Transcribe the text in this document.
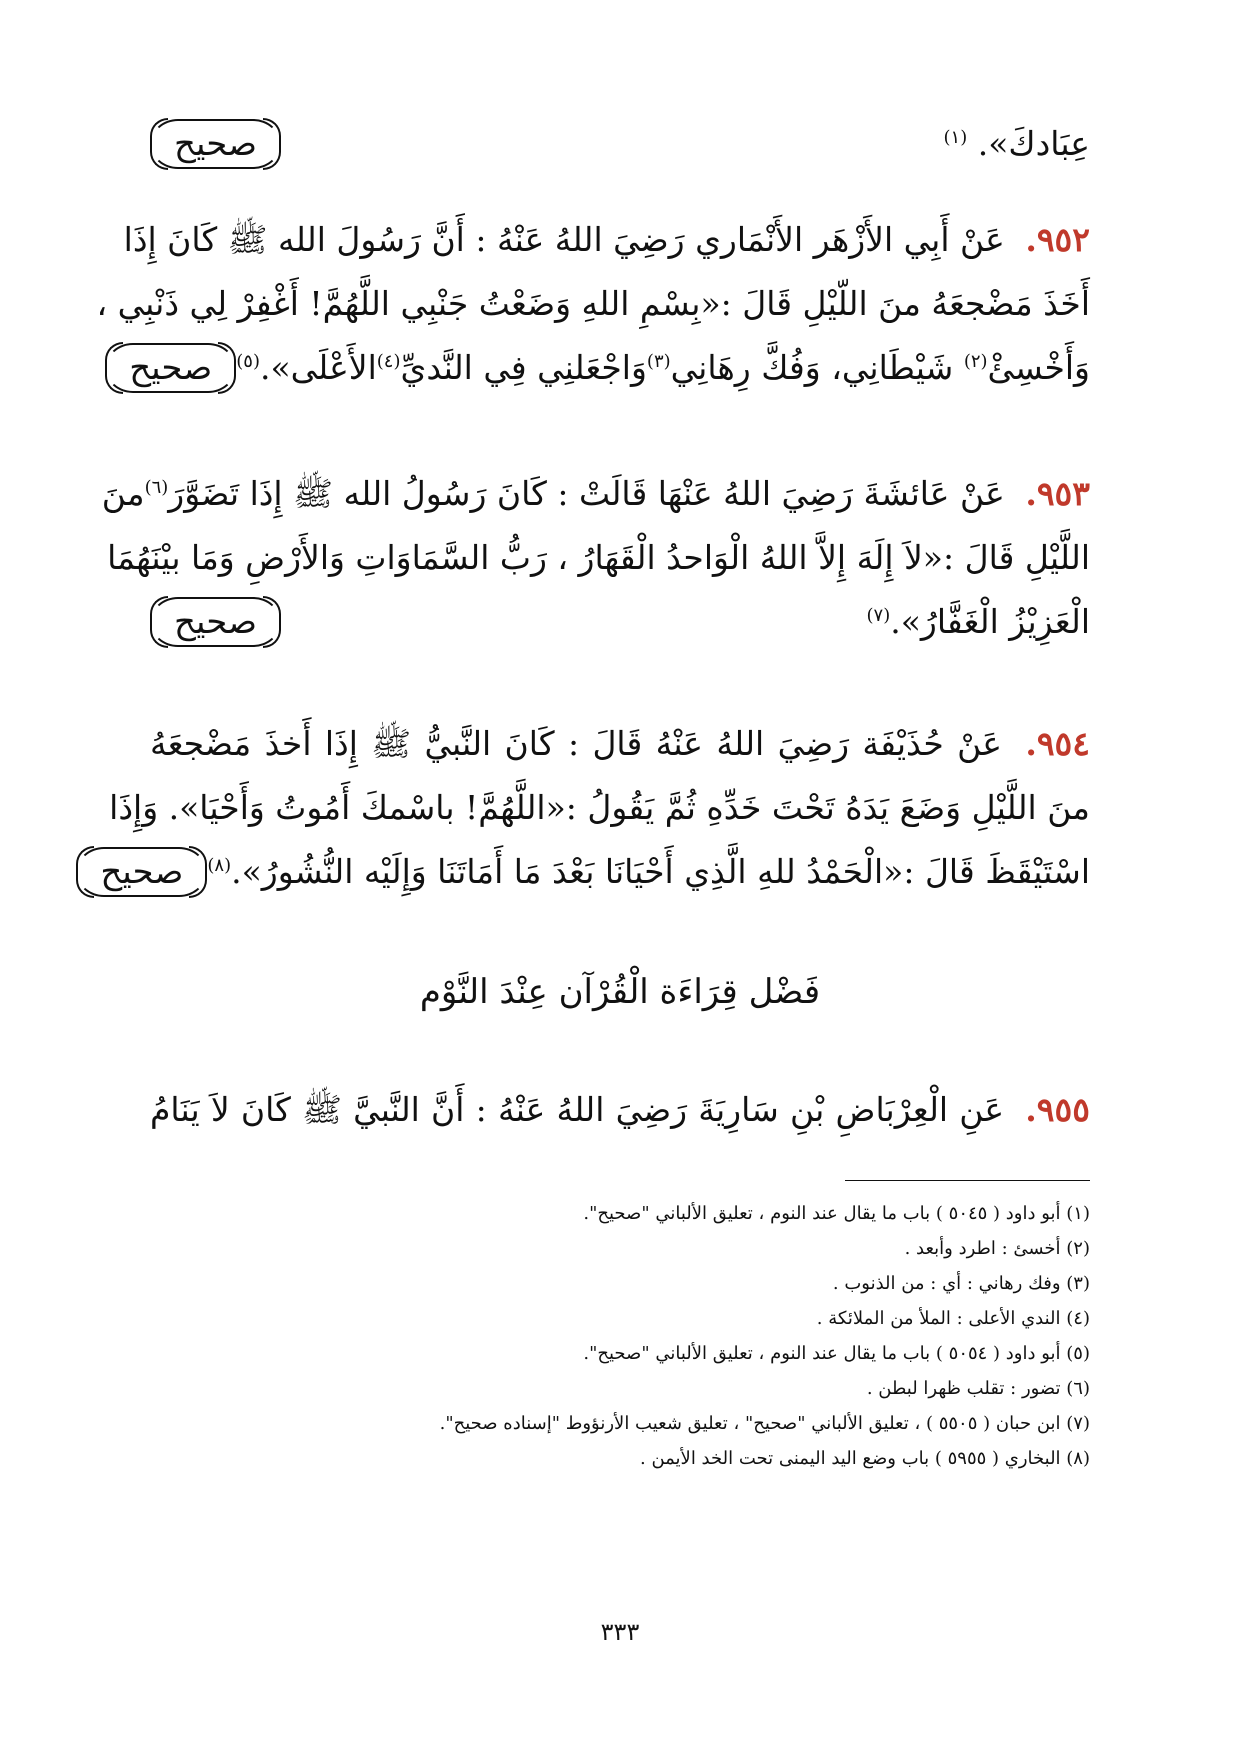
عِبَادكَ». $^{(١)}$
صحيح
٩٥٢. عَنْ أَبِي الأَزْهَر الأَنْمَاري رَضِيَ اللهُ عَنْهُ : أَنَّ رَسُولَ الله ﷺ كَانَ إِذَا
أَخَذَ مَضْجعَهُ منَ اللّيْلِ قَالَ :«بِسْمِ اللهِ وَضَعْتُ جَنْبِي اللَّهُمَّ! أَغْفِرْ لِي ذَنْبِي ،
وَأَخْسِئْ$^{(٢)}$ شَيْطَانِي، وَفُكَّ رِهَانِي$^{(٣)}$وَاجْعَلنِي فِي النَّديِّ$^{(٤)}$الأَعْلَى».$^{(٥)}$
صحيح
٩٥٣. عَنْ عَائشَةَ رَضِيَ اللهُ عَنْهَا قَالَتْ : كَانَ رَسُولُ الله ﷺ إِذَا تَضَوَّرَ$^{(٦)}$منَ
اللَّيْلِ قَالَ :«لاَ إِلَهَ إِلاَّ اللهُ الْوَاحدُ الْقَهَارُ ، رَبُّ السَّمَاوَاتِ وَالأَرْضِ وَمَا بيْنَهُمَا
الْعَزِيْزُ الْغَفَّارُ».$^{(٧)}$
صحيح
٩٥٤. عَنْ حُذَيْفَة رَضِيَ اللهُ عَنْهُ قَالَ : كَانَ النَّبيُّ ﷺ إِذَا أَخذَ مَضْجعَهُ
منَ اللَّيْلِ وَضَعَ يَدَهُ تَحْتَ خَدِّهِ ثُمَّ يَقُولُ :«اللَّهُمَّ! باسْمكَ أَمُوتُ وَأَحْيَا». وَإِذَا
اسْتَيْقَظَ قَالَ :«الْحَمْدُ للهِ الَّذِي أَحْيَانَا بَعْدَ مَا أَمَاتَنَا وَإِلَيْه النُّشُورُ».$^{(٨)}$
صحيح
فَضْل قِرَاءَة الْقُرْآن عِنْدَ النَّوْم
٩٥٥. عَنِ الْعِرْبَاضِ بْنِ سَارِيَةَ رَضِيَ اللهُ عَنْهُ : أَنَّ النَّبيَّ ﷺ كَانَ لاَ يَنَامُ
(١) أبو داود ( ٥٠٤٥ ) باب ما يقال عند النوم ، تعليق الألباني "صحيح".
(٢) أخسئ : اطرد وأبعد .
(٣) وفك رهاني : أي : من الذنوب .
(٤) الندي الأعلى : الملأ من الملائكة .
(٥) أبو داود ( ٥٠٥٤ ) باب ما يقال عند النوم ، تعليق الألباني "صحيح".
(٦) تضور : تقلب ظهرا لبطن .
(٧) ابن حبان ( ٥٥٠٥ ) ، تعليق الألباني "صحيح" ، تعليق شعيب الأرنؤوط "إسناده صحيح".
(٨) البخاري ( ٥٩٥٥ ) باب وضع اليد اليمنى تحت الخد الأيمن .
٣٣٣
